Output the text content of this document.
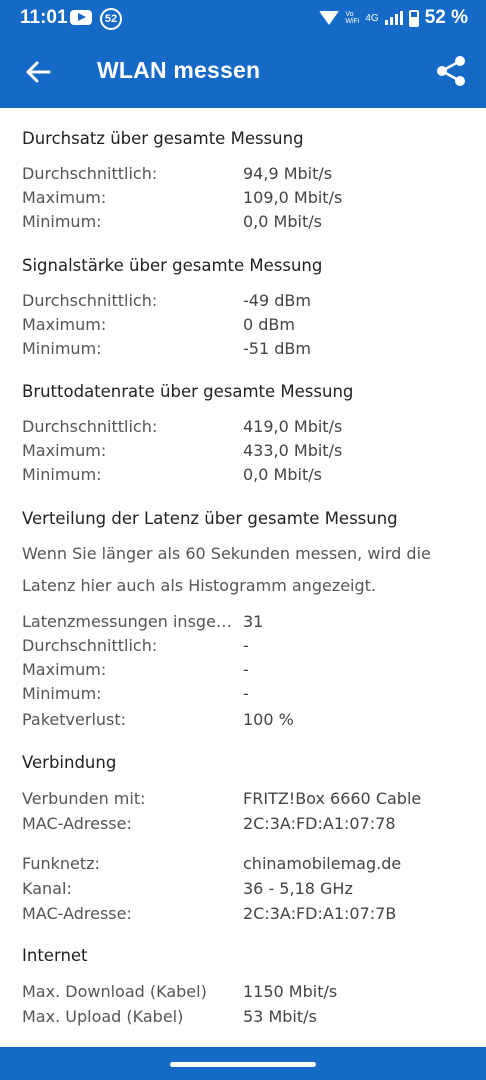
11:01	52	Vo
WiFi 4G 52 %
WLAN messen
Durchsatz über gesamte Messung
Durchschnittlich:	94,9 Mbit/s
Maximum:	109,0 Mbit/s
Minimum:	0,0 Mbit/s
Signalstärke über gesamte Messung
Durchschnittlich:	-49 dBm
Maximum:	0 dBm
Minimum:	-51 dBm
Bruttodatenrate über gesamte Messung
Durchschnittlich:	419,0 Mbit/s
Maximum:	433,0 Mbit/s
Minimum:	0,0 Mbit/s
Verteilung der Latenz über gesamte Messung
Wenn Sie länger als 60 Sekunden messen, wird die
Latenz hier auch als Histogramm angezeigt.
Latenzmessungen insge… 31
Durchschnittlich:	-
Maximum:	-
Minimum:	-
Paketverlust:	100 %
Verbindung
Verbunden mit:	FRITZ!Box 6660 Cable
MAC-Adresse:	2C:3A:FD:A1:07:78
Funknetz:	chinamobilemag.de
Kanal:	36 - 5,18 GHz
MAC-Adresse:	2C:3A:FD:A1:07:7B
Internet
Max. Download (Kabel) 1150 Mbit/s
Max. Upload (Kabel)	53 Mbit/s
